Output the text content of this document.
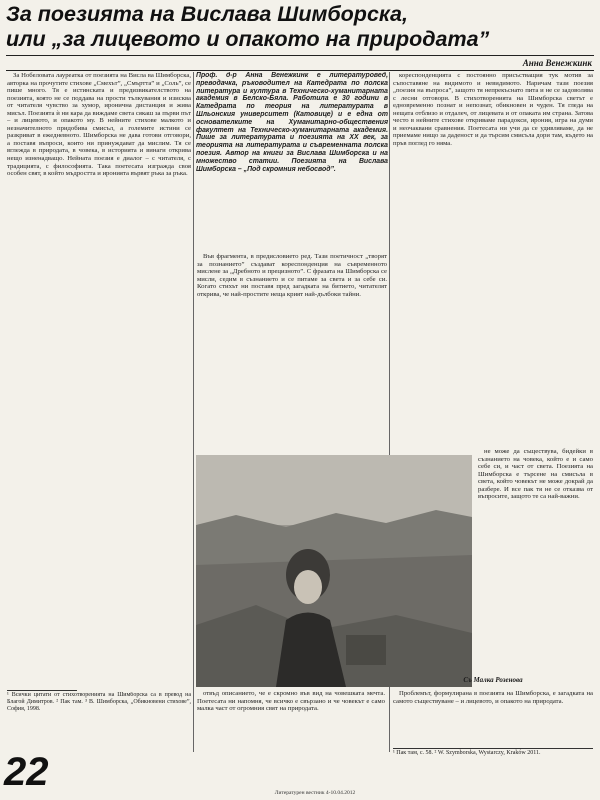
За поезията на Вислава Шимборска,
или „за лицевото и опакото на природата”
Анна Венежкинк

За Нобеловата лауреатка от поезията на Висла ва Шимборска, авторка на прочутите стихове „Смехът”, „Смъртта” и „Соль”, се пише много. Тя е истинската и предизвикателството на поезията, която не се поддава на прости тълкувания и изисква от читателя чувство за хумор, иронична дистанция и жива мисъл. Поезията ѝ ни кара да виждаме света сякаш за първи път – и лицевото, и опакото му. В нейните стихове малкото и незначителното придобива смисъл, а големите истини се разкриват в ежедневното. Шимборска не дава готови отговори, а поставя въпроси, които ни принуждават да мислим. Тя се вглежда в природата, в човека, в историята и винаги открива нещо изненадващо. Нейната поезия е диалог – с читателя, с традицията, с философията. Така поетесата изгражда своя особен свят, в който мъдростта и иронията вървят ръка за ръка.

Проф. д-р Анна Венежкинк е литературовед, преводачка, ръководител на Катедрата по полска литература и култура в Техническо-хуманитарната академия в Белско-Бяла. Работила е 30 години в Катедрата по теория на литературата в Шльонския университет (Катовице) и е една от основателките на Хуманитарно-обществения факултет на Техническо-хуманитарната академия. Пише за литературата и поезията на XX век, за теорията на литературата и съвременната полска поезия. Автор на книги за Вислава Шимборска и на множество статии. Поезията на Вислава Шимборска – „Под скромния небосвод”.

Във фрагмента, в предисловието ред. Тази поетичност „творят за познанието” създават кореспонденция на съвременното мислене за „Дребното и прецизното”. С фразата на Шимборска се мисли, седим в съзнанието и се питаме за света и за себе си. Когато стихът ни поставя пред загадката на битието, читателят открива, че най-простите неща крият най-дълбоки тайни.

кореспонденцията с постоянно присъстващия тук мотив за съпоставяне на видимото и невидимото. Наричам тази поезия „поезия на въпроса”, защото тя непрекъснато пита и не се задоволява с лесни отговори. В стихотворенията на Шимборска светът е едновременно познат и непознат, обикновен и чуден. Тя гледа на нещата отблизо и отдалеч, от лицевата и от опаката им страна. Затова често в нейните стихове откриваме парадокси, ирония, игра на думи и неочаквани сравнения. Поетесата ни учи да се удивляваме, да не приемаме нищо за даденост и да търсим смисъла дори там, където на пръв поглед го няма.

не може да съществува, бидейки в съзнанието на човека, който е и само себе си, и част от света. Поезията на Шимборска е търсене на смисъла в света, който човекът не може докрай да разбере. И все пак тя не се отказва от въпросите, защото те са най-важни.

Съ Малка Розенова

отвъд описанието, че е скромно във вид на човешката мечта. Поетесата ни напомня, че всичко е свързано и че човекът е само малка част от огромния свят на природата.

Проблемът, формулирана в поезията на Шимборска, е загадката на самото съществуване – и лицевото, и опакото на природата.

¹ Всички цитати от стихотворенията на Шимборска са в превод на Благой Димитров. ² Пак там. ³ В. Шимборска, „Обикновени стихове”, София, 1998.

¹ Пак там, с. 58. ² W. Szymborska, Wystarczy, Kraków 2011.

22	Литературен вестник 4-10.04.2012
